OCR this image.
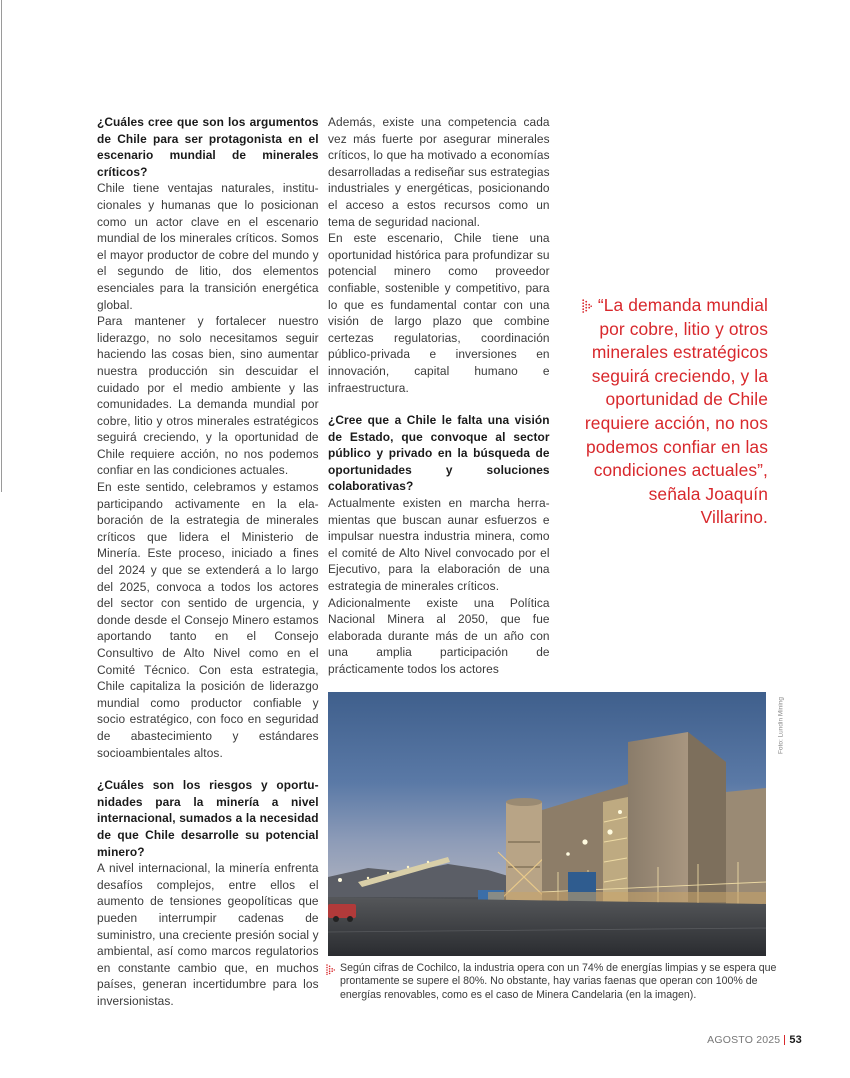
¿Cuáles cree que son los argumentos de Chile para ser protagonista en el escenario mundial de minerales críticos?

Chile tiene ventajas naturales, institucionales y humanas que lo posicionan como un actor clave en el escenario mundial de los minerales críticos. Somos el mayor productor de cobre del mundo y el segundo de litio, dos elementos esenciales para la transición energética global.

Para mantener y fortalecer nuestro liderazgo, no solo necesitamos seguir haciendo las cosas bien, sino aumentar nuestra producción sin descuidar el cuidado por el medio ambiente y las comunidades. La demanda mundial por cobre, litio y otros minerales estratégicos seguirá creciendo, y la oportunidad de Chile requiere acción, no nos podemos confiar en las condiciones actuales.

En este sentido, celebramos y estamos participando activamente en la elaboración de la estrategia de minerales críticos que lidera el Ministerio de Minería. Este proceso, iniciado a fines del 2024 y que se extenderá a lo largo del 2025, convoca a todos los actores del sector con sentido de urgencia, y donde desde el Consejo Minero estamos aportando tanto en el Consejo Consultivo de Alto Nivel como en el Comité Técnico. Con esta estrategia, Chile capitaliza la posición de liderazgo mundial como productor confiable y socio estratégico, con foco en seguridad de abastecimiento y estándares socioambientales altos.

¿Cuáles son los riesgos y oportunidades para la minería a nivel internacional, sumados a la necesidad de que Chile desarrolle su potencial minero?

A nivel internacional, la minería enfrenta desafíos complejos, entre ellos el aumento de tensiones geopolíticas que pueden interrumpir cadenas de suministro, una creciente presión social y ambiental, así como marcos regulatorios en constante cambio que, en muchos países, generan incertidumbre para los inversionistas.

Además, existe una competencia cada vez más fuerte por asegurar minerales críticos, lo que ha motivado a economías desarrolladas a rediseñar sus estrategias industriales y energéticas, posicionando el acceso a estos recursos como un tema de seguridad nacional.

En este escenario, Chile tiene una oportunidad histórica para profundizar su potencial minero como proveedor confiable, sostenible y competitivo, para lo que es fundamental contar con una visión de largo plazo que combine certezas regulatorias, coordinación público-privada e inversiones en innovación, capital humano e infraestructura.

¿Cree que a Chile le falta una visión de Estado, que convoque al sector público y privado en la búsqueda de oportunidades y soluciones colaborativas?

Actualmente existen en marcha herramientas que buscan aunar esfuerzos e impulsar nuestra industria minera, como el comité de Alto Nivel convocado por el Ejecutivo, para la elaboración de una estrategia de minerales críticos.

Adicionalmente existe una Política Nacional Minera al 2050, que fue elaborada durante más de un año con una amplia participación de prácticamente todos los actores

“La demanda mundial por cobre, litio y otros minerales estratégicos seguirá creciendo, y la oportunidad de Chile requiere acción, no nos podemos confiar en las condiciones actuales”, señala Joaquín Villarino.
Foto: Lundin Mining
Según cifras de Cochilco, la industria opera con un 74% de energías limpias y se espera que prontamente se supere el 80%. No obstante, hay varias faenas que operan con 100% de energías renovables, como es el caso de Minera Candelaria (en la imagen).
AGOSTO 2025 53
